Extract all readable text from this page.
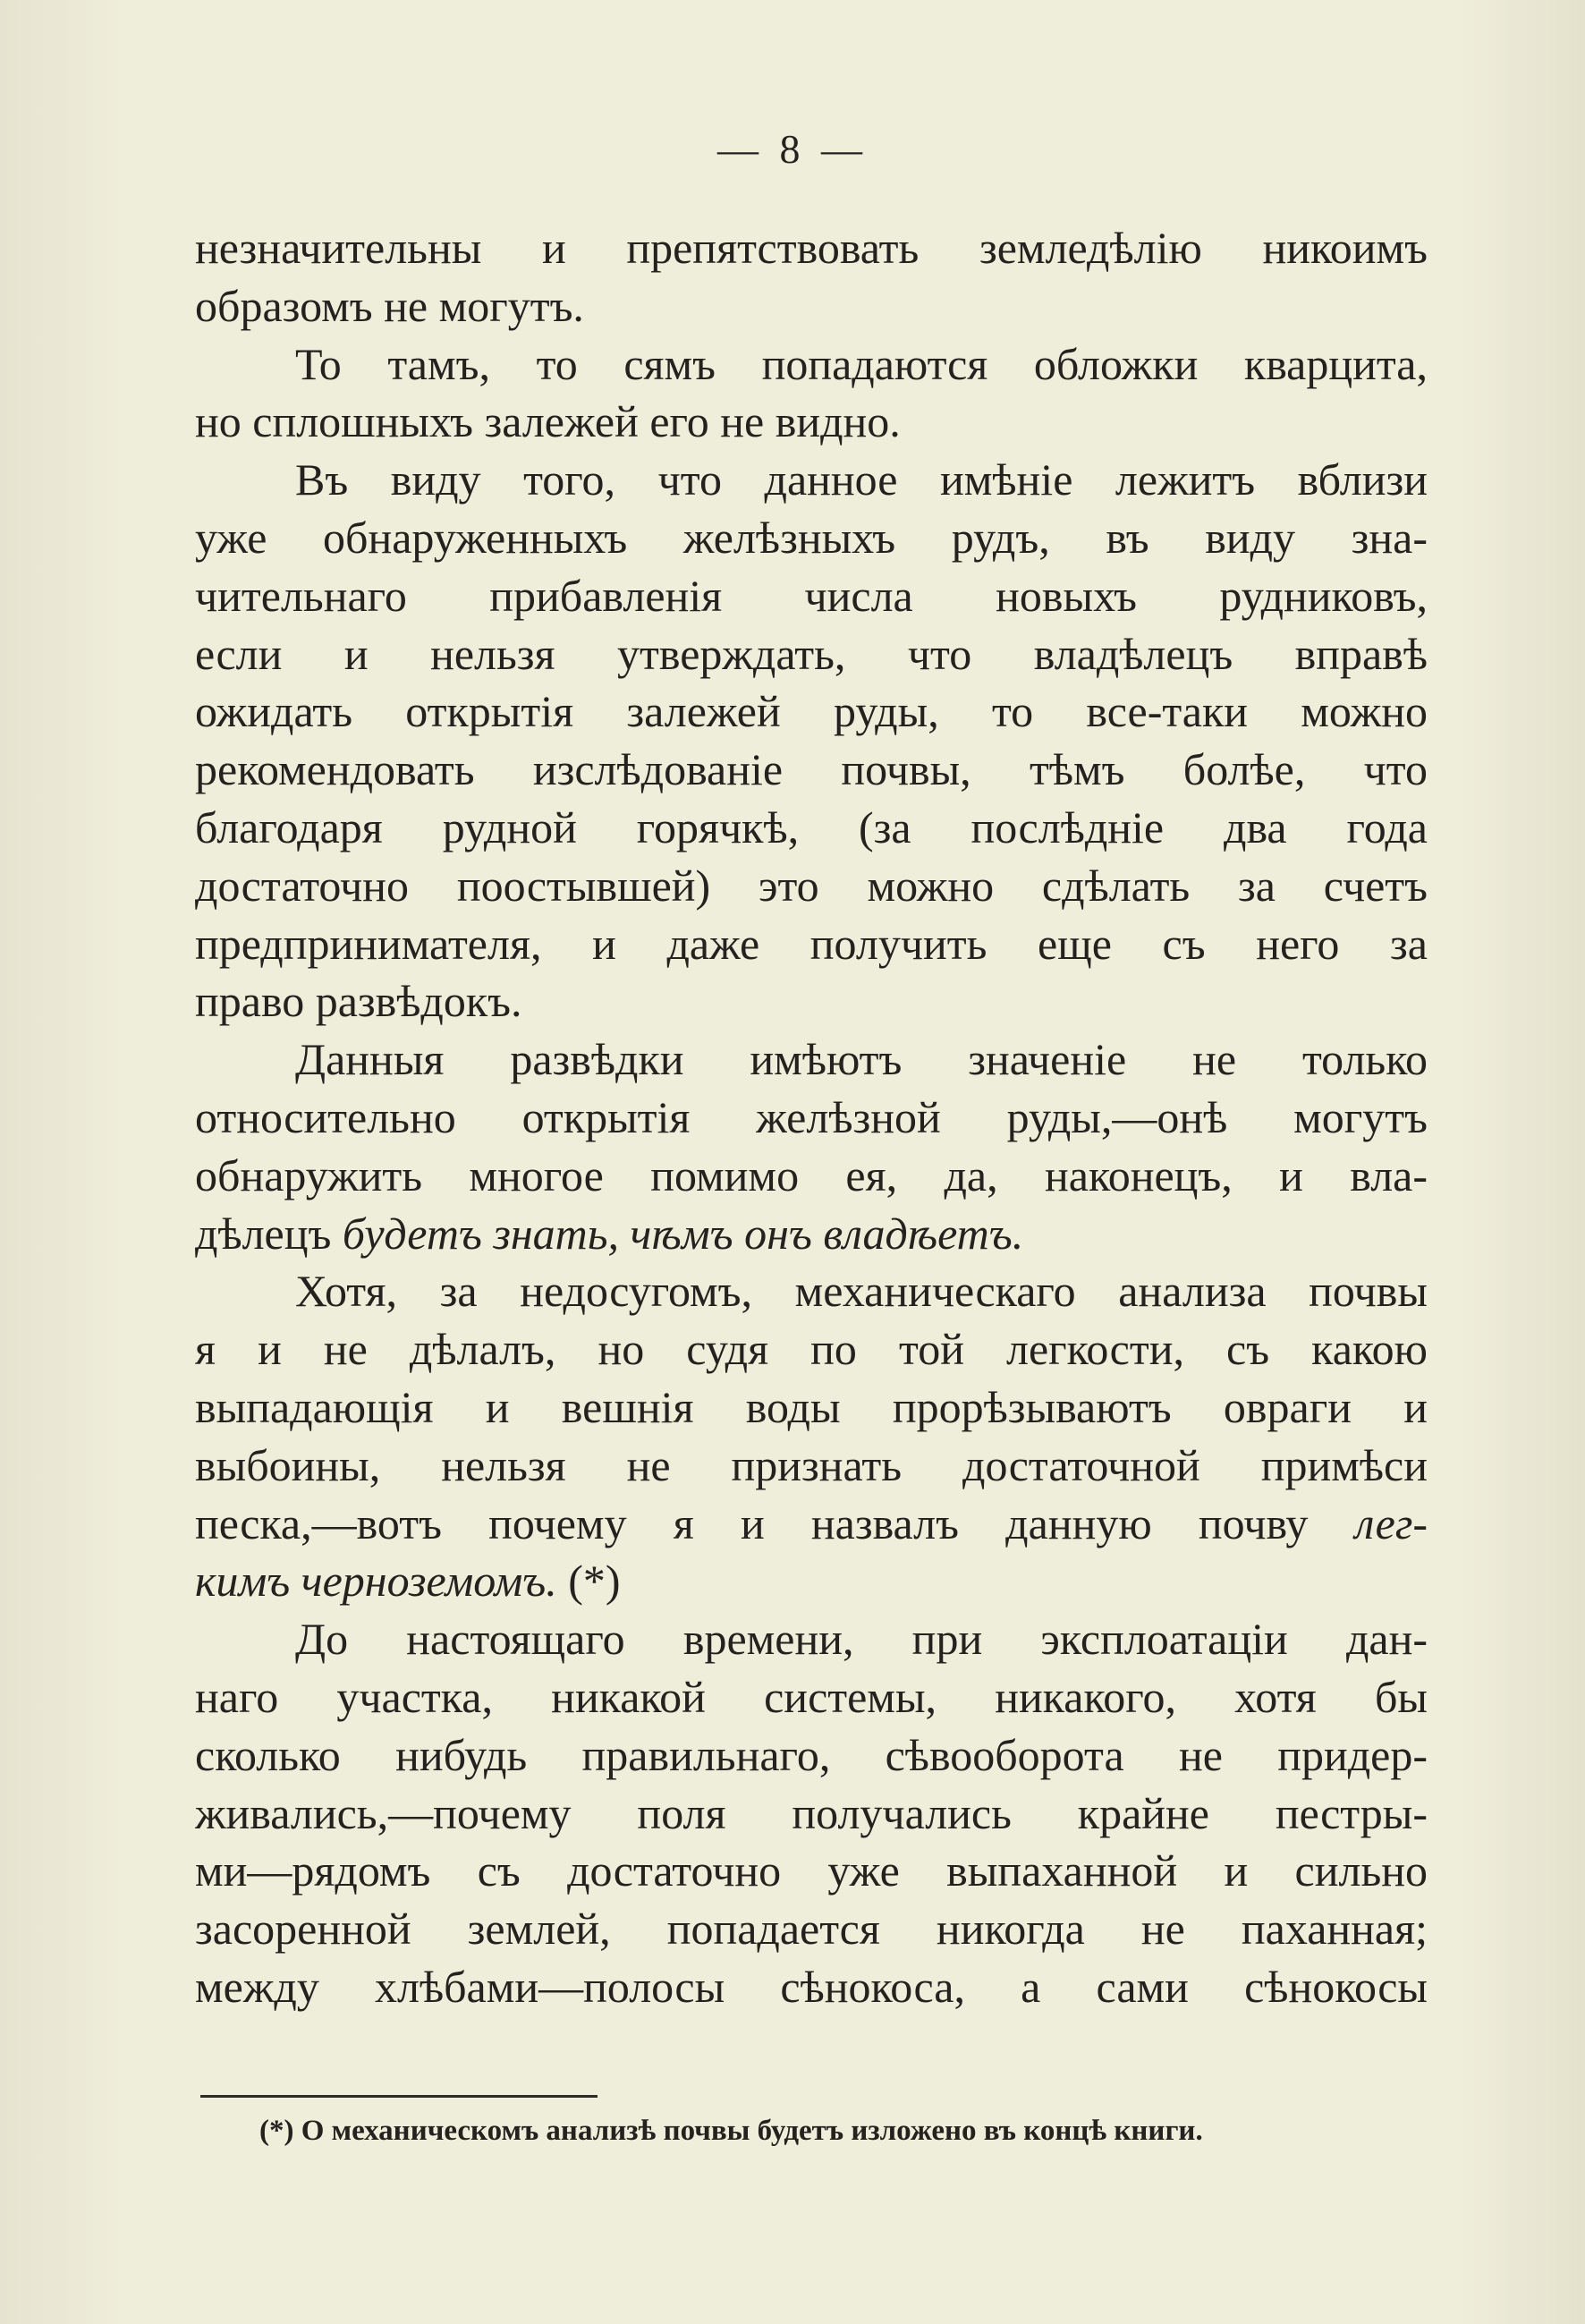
— 8 —
незначительны и препятствовать земледѣлію никоимъ
образомъ не могутъ.
То тамъ, то сямъ попадаются обложки кварцита,
но сплошныхъ залежей его не видно.
Въ виду того, что данное имѣніе лежитъ вблизи
уже обнаруженныхъ желѣзныхъ рудъ, въ виду зна-
чительнаго прибавленія числа новыхъ рудниковъ,
если и нельзя утверждать, что владѣлецъ вправѣ
ожидать открытія залежей руды, то все-таки можно
рекомендовать изслѣдованіе почвы, тѣмъ болѣе, что
благодаря рудной горячкѣ, (за послѣдніе два года
достаточно поостывшей) это можно сдѣлать за счетъ
предпринимателя, и даже получить еще съ него за
право развѣдокъ.
Данныя развѣдки имѣютъ значеніе не только
относительно открытія желѣзной руды,—онѣ могутъ
обнаружить многое помимо ея, да, наконецъ, и вла-
дѣлецъ будетъ знать, чѣмъ онъ владѣетъ.
Хотя, за недосугомъ, механическаго анализа почвы
я и не дѣлалъ, но судя по той легкости, съ какою
выпадающія и вешнія воды прорѣзываютъ овраги и
выбоины, нельзя не признать достаточной примѣси
песка,—вотъ почему я и назвалъ данную почву лег-
кимъ черноземомъ. (*)
До настоящаго времени, при эксплоатаціи дан-
наго участка, никакой системы, никакого, хотя бы
сколько нибудь правильнаго, сѣвооборота не придер-
живались,—почему поля получались крайне пестры-
ми—рядомъ съ достаточно уже выпаханной и сильно
засоренной землей, попадается никогда не паханная;
между хлѣбами—полосы сѣнокоса, а сами сѣнокосы
(*) О механическомъ анализѣ почвы будетъ изложено въ концѣ книги.
